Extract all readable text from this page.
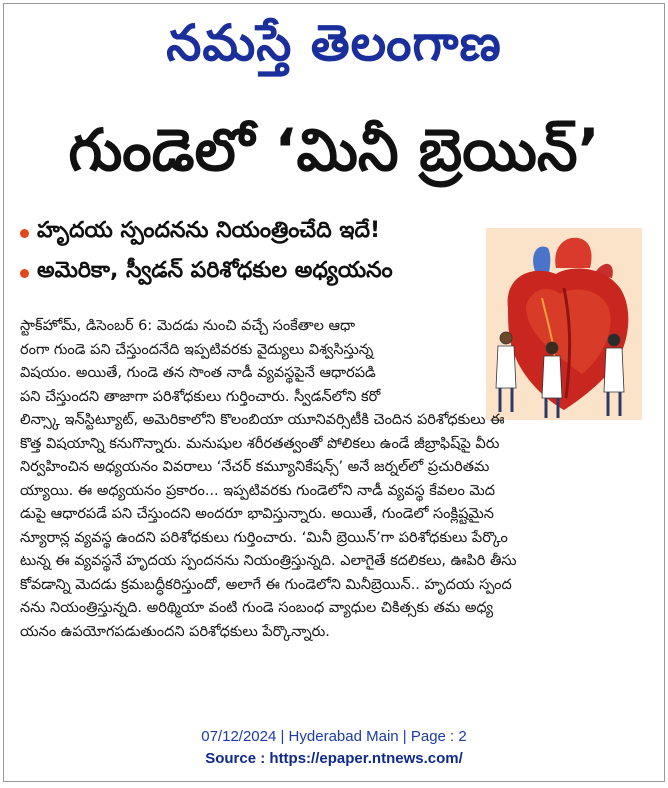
నమస్తే తెలంగాణ
గుండెలో ‘మినీ బ్రెయిన్’
హృదయ స్పందనను నియంత్రించేది ఇదే!
అమెరికా, స్వీడన్ పరిశోధకుల అధ్యయనం
స్టాక్‌హోమ్, డిసెంబర్ 6: మెదడు నుంచి వచ్చే సంకేతాల ఆధా
రంగా గుండె పని చేస్తుందనేది ఇప్పటివరకు వైద్యులు విశ్వసిస్తున్న
విషయం. అయితే, గుండె తన సొంత నాడీ వ్యవస్థపైనే ఆధారపడి
పని చేస్తుందని తాజాగా పరిశోధకులు గుర్తించారు. స్వీడన్‌లోని కరో
లిన్స్కా ఇన్‌స్టిట్యూట్, అమెరికాలోని కొలంబియా యూనివర్సిటీకి చెందిన పరిశోధకులు ఈ
కొత్త విషయాన్ని కనుగొన్నారు. మనుషుల శరీరతత్వంతో పోలికలు ఉండే జీబ్రాఫిష్‌పై వీరు
నిర్వహించిన అధ్యయనం వివరాలు ‘నేచర్ కమ్యూనికేషన్స్’ అనే జర్నల్‌లో ప్రచురితమ
య్యాయి. ఈ అధ్యయనం ప్రకారం... ఇప్పటివరకు గుండెలోని నాడీ వ్యవస్థ కేవలం మెద
డుపై ఆధారపడే పని చేస్తుందని అందరూ భావిస్తున్నారు. అయితే, గుండెలో సంక్లిష్టమైన
న్యూరాన్ల వ్యవస్థ ఉందని పరిశోధకులు గుర్తించారు. ‘మినీ బ్రెయిన్’గా పరిశోధకులు పేర్కొం
టున్న ఈ వ్యవస్థనే హృదయ స్పందనను నియంత్రిస్తున్నది. ఎలాగైతే కదలికలు, ఊపిరి తీసు
కోవడాన్ని మెదడు క్రమబద్ధీకరిస్తుందో, అలాగే ఈ గుండెలోని మినీబ్రెయిన్.. హృదయ స్పంద
నను నియంత్రిస్తున్నది. అరిథ్మియా వంటి గుండె సంబంధ వ్యాధుల చికిత్సకు తమ అధ్య
యనం ఉపయోగపడుతుందని పరిశోధకులు పేర్కొన్నారు.
07/12/2024 | Hyderabad Main | Page : 2
Source : https://epaper.ntnews.com/
